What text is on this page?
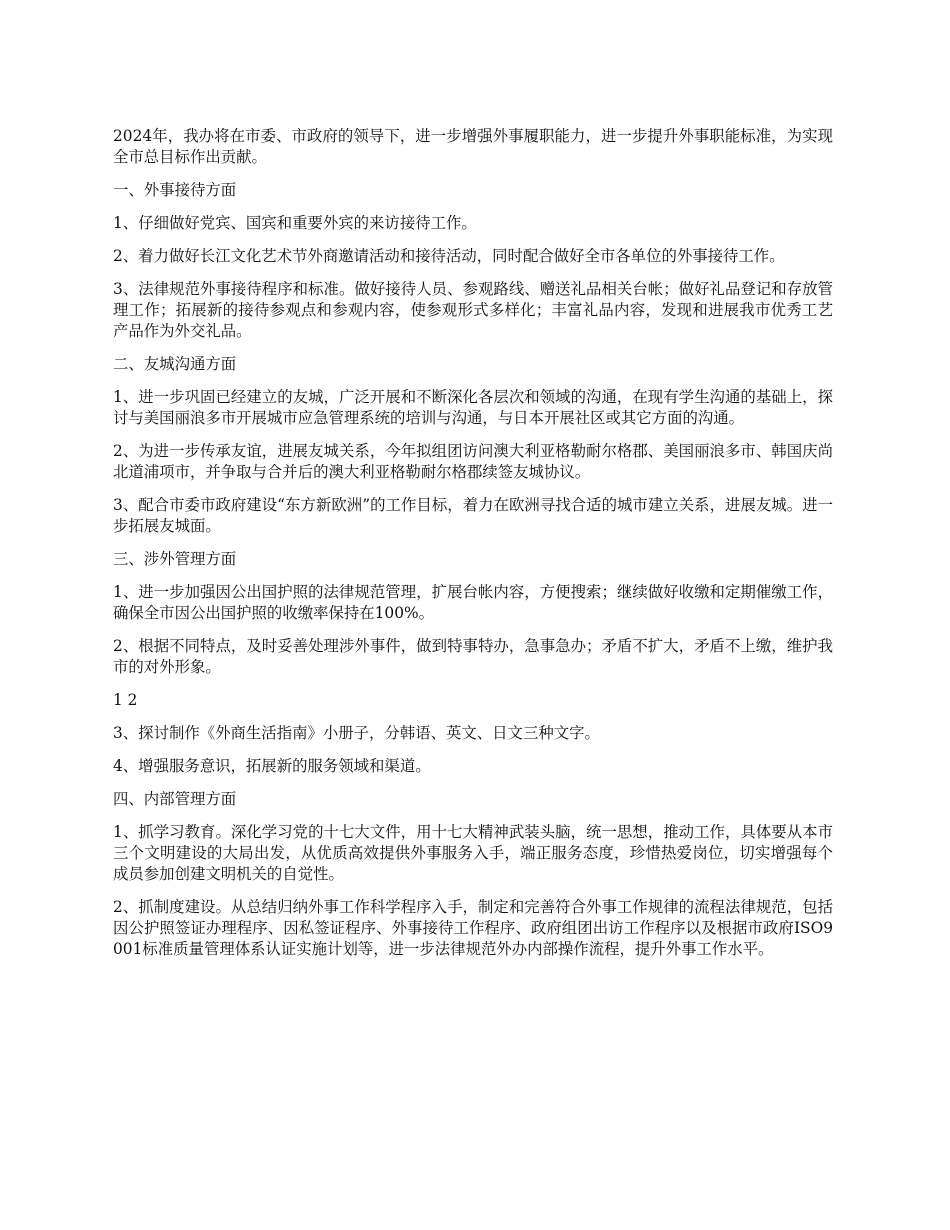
2024年，我办将在市委、市政府的领导下，进一步增强外事履职能力，进一步提升外事职能标准，为实现全市总目标作出贡献。

一、外事接待方面

1、仔细做好党宾、国宾和重要外宾的来访接待工作。

2、着力做好长江文化艺术节外商邀请活动和接待活动，同时配合做好全市各单位的外事接待工作。

3、法律规范外事接待程序和标准。做好接待人员、参观路线、赠送礼品相关台帐；做好礼品登记和存放管理工作；拓展新的接待参观点和参观内容，使参观形式多样化；丰富礼品内容，发现和进展我市优秀工艺产品作为外交礼品。

二、友城沟通方面

1、进一步巩固已经建立的友城，广泛开展和不断深化各层次和领域的沟通，在现有学生沟通的基础上，探讨与美国丽浪多市开展城市应急管理系统的培训与沟通，与日本开展社区或其它方面的沟通。

2、为进一步传承友谊，进展友城关系，今年拟组团访问澳大利亚格勒耐尔格郡、美国丽浪多市、韩国庆尚北道浦项市，并争取与合并后的澳大利亚格勒耐尔格郡续签友城协议。

3、配合市委市政府建设“东方新欧洲”的工作目标，着力在欧洲寻找合适的城市建立关系，进展友城。进一步拓展友城面。

三、涉外管理方面

1、进一步加强因公出国护照的法律规范管理，扩展台帐内容，方便搜索；继续做好收缴和定期催缴工作，确保全市因公出国护照的收缴率保持在100%。

2、根据不同特点，及时妥善处理涉外事件，做到特事特办，急事急办；矛盾不扩大，矛盾不上缴，维护我市的对外形象。

1 2

3、探讨制作《外商生活指南》小册子，分韩语、英文、日文三种文字。

4、增强服务意识，拓展新的服务领域和渠道。

四、内部管理方面

1、抓学习教育。深化学习党的十七大文件，用十七大精神武装头脑，统一思想，推动工作，具体要从本市三个文明建设的大局出发，从优质高效提供外事服务入手，端正服务态度，珍惜热爱岗位，切实增强每个成员参加创建文明机关的自觉性。

2、抓制度建设。从总结归纳外事工作科学程序入手，制定和完善符合外事工作规律的流程法律规范，包括因公护照签证办理程序、因私签证程序、外事接待工作程序、政府组团出访工作程序以及根据市政府ISO9001标准质量管理体系认证实施计划等，进一步法律规范外办内部操作流程，提升外事工作水平。
